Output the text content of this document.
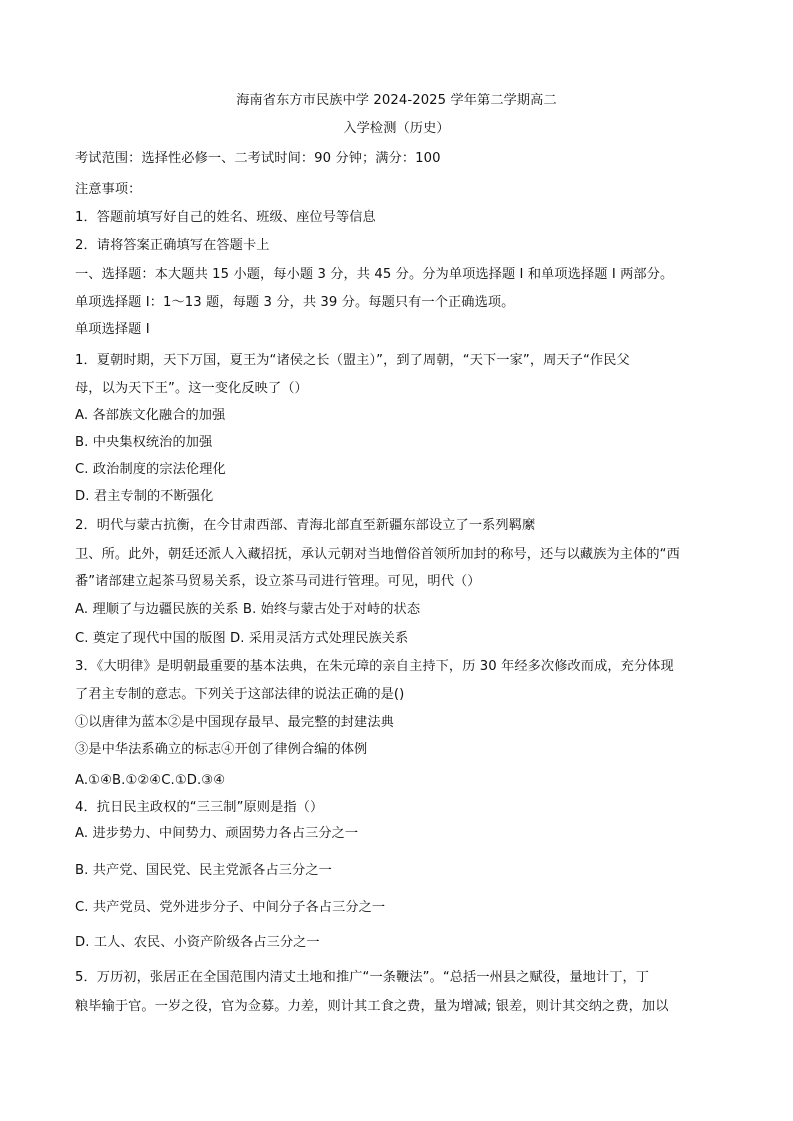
海南省东方市民族中学 2024-2025 学年第二学期高二
入学检测（历史）
考试范围：选择性必修一、二考试时间：90 分钟；满分：100
注意事项：
1．答题前填写好自己的姓名、班级、座位号等信息
2．请将答案正确填写在答题卡上
一、选择题：本大题共 15 小题，每小题 3 分，共 45 分。分为单项选择题 I 和单项选择题 I 两部分。
单项选择题 I：1～13 题，每题 3 分，共 39 分。每题只有一个正确选项。
单项选择题 I
1．夏朝时期，天下万国，夏王为“诸侯之长（盟主）”，到了周朝，“天下一家”，周天子“作民父
母，以为天下王”。这一变化反映了（）
A. 各部族文化融合的加强
B. 中央集权统治的加强
C. 政治制度的宗法伦理化
D. 君主专制的不断强化
2．明代与蒙古抗衡，在今甘肃西部、青海北部直至新疆东部设立了一系列羁縻
卫、所。此外，朝廷还派人入藏招抚，承认元朝对当地僧俗首领所加封的称号，还与以藏族为主体的“西
番”诸部建立起茶马贸易关系，设立茶马司进行管理。可见，明代（）
A. 理顺了与边疆民族的关系 B. 始终与蒙古处于对峙的状态
C. 奠定了现代中国的版图 D. 采用灵活方式处理民族关系
3．《大明律》是明朝最重要的基本法典，在朱元璋的亲自主持下，历 30 年经多次修改而成，充分体现
了君主专制的意志。下列关于这部法律的说法正确的是()
①以唐律为蓝本②是中国现存最早、最完整的封建法典
③是中华法系确立的标志④开创了律例合编的体例
A.①④B.①②④C.①D.③④
4．抗日民主政权的“三三制”原则是指（）
A. 进步势力、中间势力、顽固势力各占三分之一
B. 共产党、国民党、民主党派各占三分之一
C. 共产党员、党外进步分子、中间分子各占三分之一
D. 工人、农民、小资产阶级各占三分之一
5．万历初，张居正在全国范围内清丈土地和推广“一条鞭法”。“总括一州县之赋役，量地计丁，丁
粮毕输于官。一岁之役，官为佥募。力差，则计其工食之费，量为增减; 银差，则计其交纳之费，加以
